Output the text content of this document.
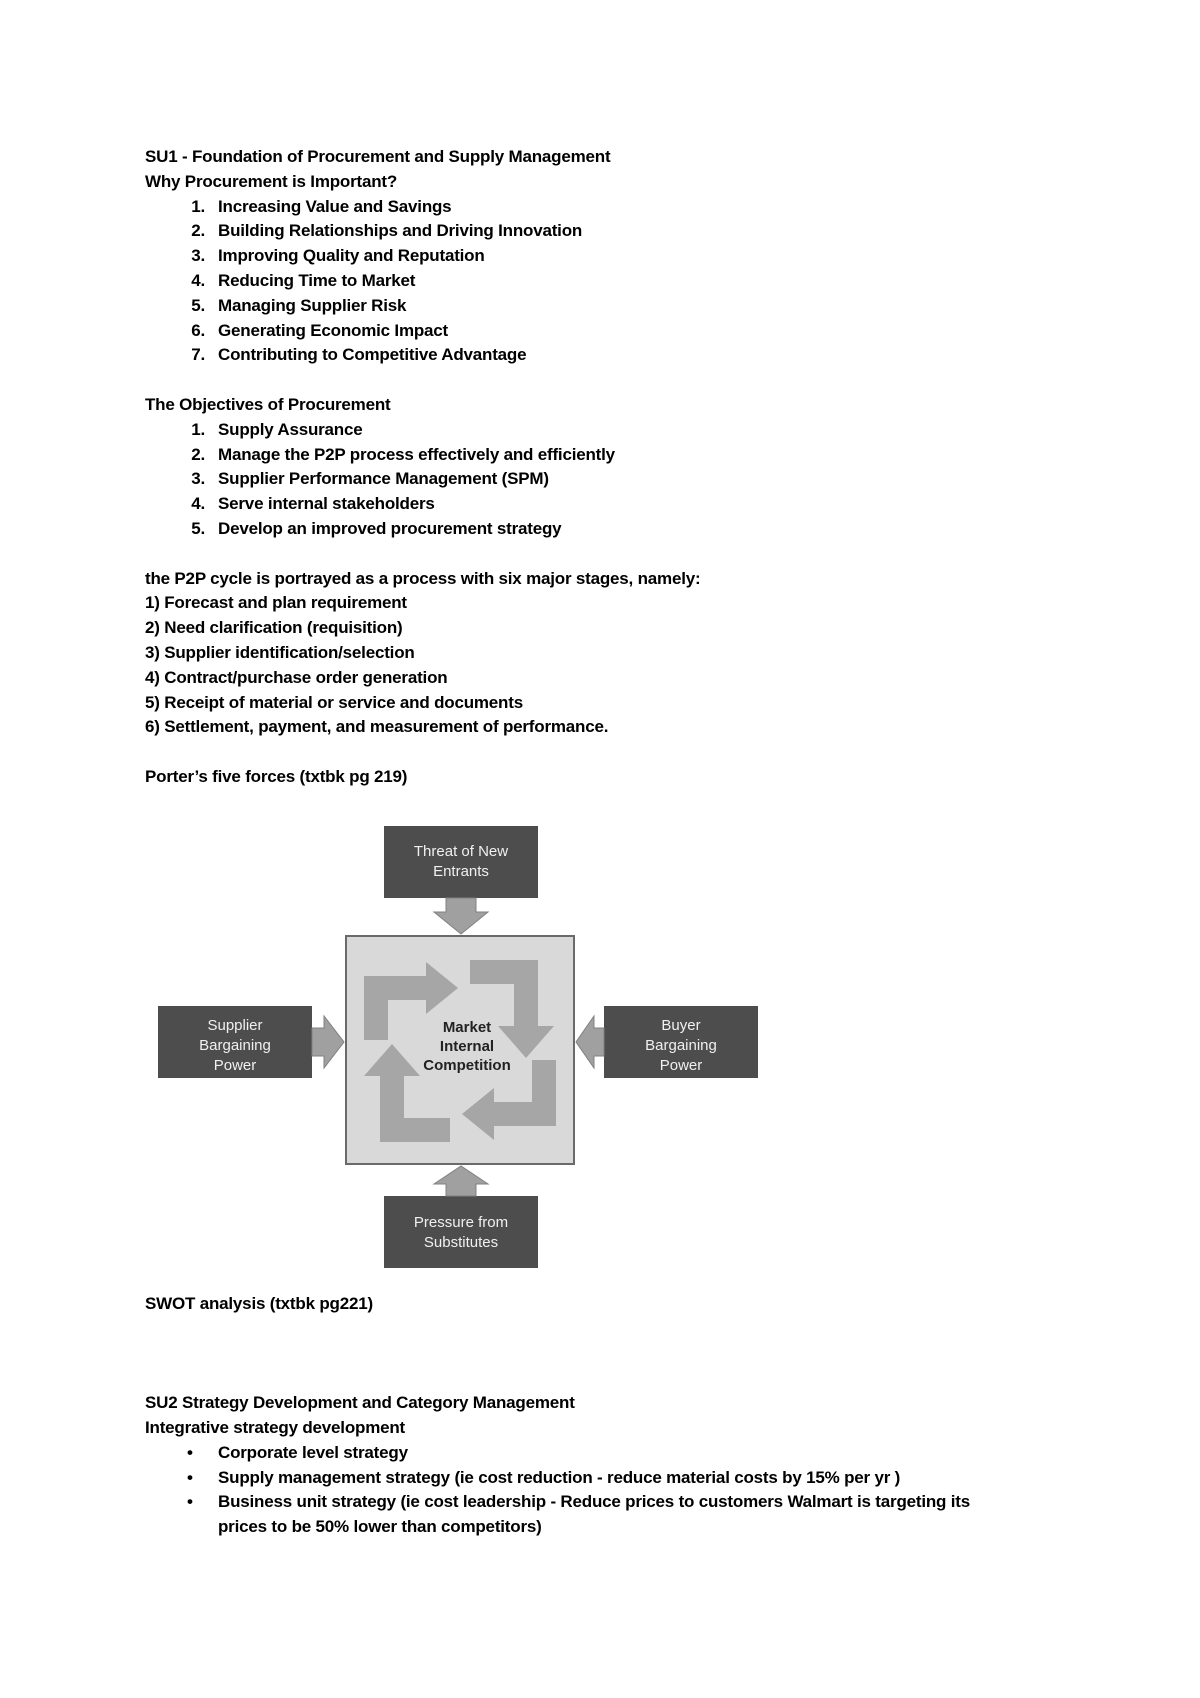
SU1 - Foundation of Procurement and Supply Management
Why Procurement is Important?
1. Increasing Value and Savings
2. Building Relationships and Driving Innovation
3. Improving Quality and Reputation
4. Reducing Time to Market
5. Managing Supplier Risk
6. Generating Economic Impact
7. Contributing to Competitive Advantage
The Objectives of Procurement
1. Supply Assurance
2. Manage the P2P process effectively and efficiently
3. Supplier Performance Management (SPM)
4. Serve internal stakeholders
5. Develop an improved procurement strategy
the P2P cycle is portrayed as a process with six major stages, namely:
1) Forecast and plan requirement
2) Need clarification (requisition)
3) Supplier identification/selection
4) Contract/purchase order generation
5) Receipt of material or service and documents
6) Settlement, payment, and measurement of performance.
Porter’s five forces (txtbk pg 219)
Market
Internal
Competition
Threat of New
Entrants
Supplier
Bargaining
Power
Buyer
Bargaining
Power
Pressure from
Substitutes
SWOT analysis (txtbk pg221)
SU2 Strategy Development and Category Management
Integrative strategy development
• Corporate level strategy
• Supply management strategy (ie cost reduction - reduce material costs by 15% per yr )
• Business unit strategy (ie cost leadership - Reduce prices to customers Walmart is targeting its prices to be 50% lower than competitors)
